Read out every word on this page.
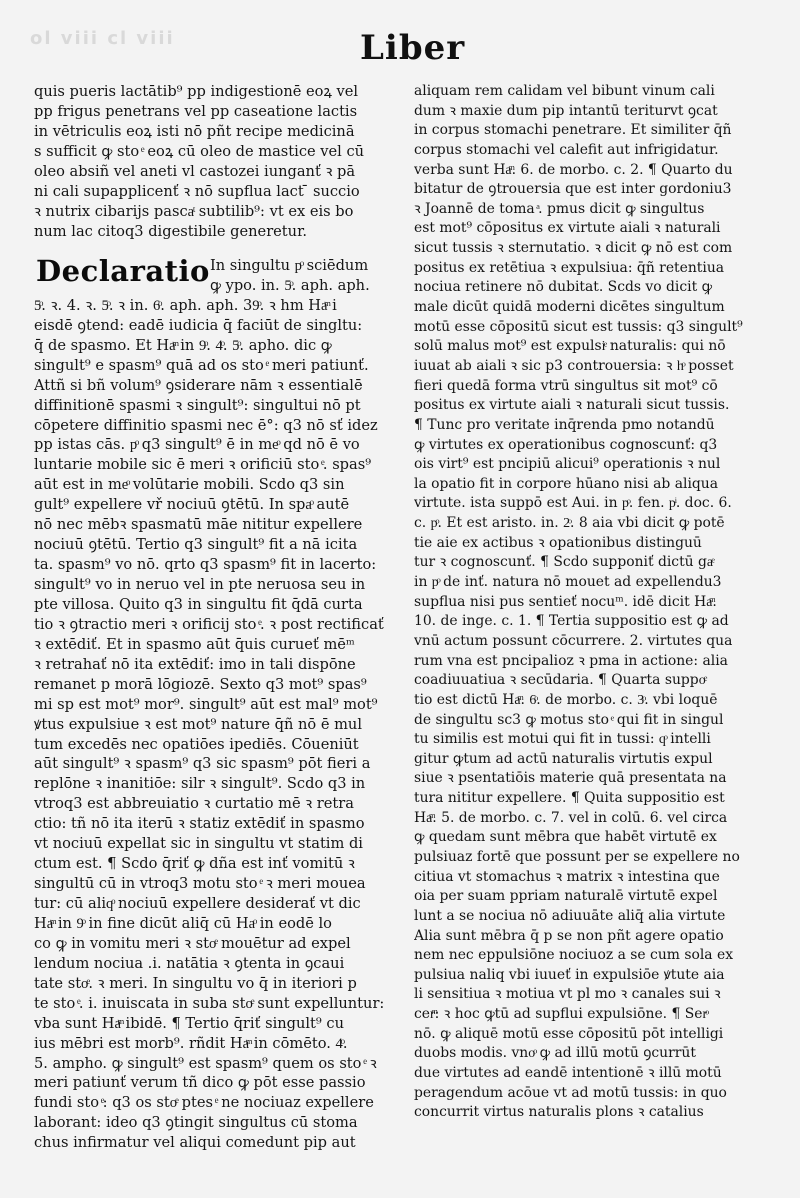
ol viii cl viii	Liber
quis pueris lactātib⁹ pp indigestionē eoꝝ vel
pp frigus penetrans vel pp caseatione lactis
in vētriculis eoꝝ isti nō pñt recipe medicinā
s sufficit ꝙ sto ͤ eoꝝ cū oleo de mastice vel cū
oleo absiñ vel aneti vl castozei iunganť ꝛ pā
ni cali supapplicenť ꝛ nō supflua lact ̄ succio
ꝛ nutrix cibarijs pascaͭ subtilib⁹: vt ex eis bo
num lac citoq3 digestibile generetur.
Declaratio In singultu pͦ sciēdum
ꝙ ypo. in. 5ͦ. aph. aph.
5ͦ. ꝛ. 4. ꝛ. 5ͦ. ꝛ in. 6ͦ. aph. aph. 39ͦ. ꝛ hm Haͫ i
eisdē ꝯtend: eadē iudicia q̄ faciūt de singltu:
q̄ de spasmo. Et Haͫ in 9ͦ. 4ͦ. 5ͦ. apho. dic ꝙ
singult⁹ e spasm⁹ quā ad os sto ͤ meri patiunť.
Attñ si bñ volum⁹ ꝯsiderare nām ꝛ essentialē
diffinitionē spasmi ꝛ singult⁹: singultui nō pt
cōpetere diffinitio spasmi nec ē°: q3 nō sť idez
pp istas cās. pͦ q3 singult⁹ ē in meͦ qd nō ē vo
luntarie mobile sic ē meri ꝛ orificiū sto ͤ. spas⁹
aūt est in meͦ volūtarie mobili. Scdo q3 sin
gult⁹ expellere vř nociuū ꝯtētū. In spaͦ autē
nō nec mēbꝛ spasmatū māe nititur expellere
nociuū ꝯtētū. Tertio q3 singult⁹ fit a nā icita
ta. spasm⁹ vo nō. qrto q3 spasm⁹ fit in lacerto:
singult⁹ vo in neruo vel in pte neruosa seu in
pte villosa. Quito q3 in singultu fit q̄dā curta
tio ꝛ ꝯtractio meri ꝛ orificij sto ͤ. ꝛ post rectificať
ꝛ extēdiť. Et in spasmo aūt q̄uis curueť mēᵐ
ꝛ retrahať nō ita extēdiť: imo in tali dispōne
remanet p morā lōgiozē. Sexto q3 mot⁹ spas⁹
mi sp est mot⁹ mor⁹. singult⁹ aūt est mal⁹ mot⁹
ꝟtus expulsiue ꝛ est mot⁹ nature q̄ñ nō ē mul
tum excedēs nec opatiōes ipediēs. Cōueniūt
aūt singult⁹ ꝛ spasm⁹ q3 sic spasm⁹ pōt fieri a
replōne ꝛ inanitiōe: silr ꝛ singult⁹. Scdo q3 in
vtroq3 est abbreuiatio ꝛ curtatio mē ꝛ retra
ctio: tñ nō ita iterū ꝛ statiz extēdiť in spasmo
vt nociuū expellat sic in singultu vt statim di
ctum est. ¶ Scdo q̄riť ꝙ dña est inť vomitū ꝛ
singultū cū in vtroq3 motu sto ͤ ꝛ meri mouea
tur: cū aliqͦ nociuū expellere desiderať vt dic
Haͫ in 9ͦ in fine dicūt aliq̄ cū Haͦ in eodē lo
co ꝙ in vomitu meri ꝛ stoͤ mouētur ad expel
lendum nociua .i. natātia ꝛ ꝯtenta in ꝯcaui
tate stoͤ. ꝛ meri. In singultu vo q̄ in iteriori p
te sto ͤ. i. inuiscata in suba stoͤ sunt expelluntur:
vba sunt Haͫ ibidē. ¶ Tertio q̄riť singult⁹ cu
ius mēbri est morb⁹. rñdit Haͫ in cōmēto. 4ͦ.
5. ampho. ꝙ singult⁹ est spasm⁹ quem os sto ͤ ꝛ
meri patiunť verum tñ dico ꝙ pōt esse passio
fundi sto ͤ: q3 os stoͤ ptes ͤ ne nociuaz expellere
laborant: ideo q3 ꝯtingit singultus cū stoma
chus infirmatur vel aliqui comedunt pip aut
aliquam rem calidam vel bibunt vinum cali
dum ꝛ maxie dum pip intantū teriturvt ꝯcat
in corpus stomachi penetrare. Et similiter q̄ñ
corpus stomachi vel calefit aut infrigidatur.
verba sunt Haͫ. 6. de morbo. c. 2. ¶ Quarto du
bitatur de ꝯtrouersia que est inter gordoniu3
ꝛ Joannē de toma ͣ. pmus dicit ꝙ singultus
est mot⁹ cōpositus ex virtute aiali ꝛ naturali
sicut tussis ꝛ sternutatio. ꝛ dicit ꝙ nō est com
positus ex retētiua ꝛ expulsiua: q̄ñ retentiua
nociua retinere nō dubitat. Scds vo dicit ꝙ
male dicūt quidā moderni dicētes singultum
motū esse cōpositū sicut est tussis: q3 singult⁹
solū malus mot⁹ est expulsiͤ naturalis: qui nō
iuuat ab aiali ꝛ sic p3 controuersia: ꝛ hͦ posset
fieri quedā forma vtrū singultus sit mot⁹ cō
positus ex virtute aiali ꝛ naturali sicut tussis.
¶ Tunc pro veritate inq̄renda pmo notandū
ꝙ virtutes ex operationibus cognoscunť: q3
ois virt⁹ est pncipiū alicui⁹ operationis ꝛ nul
la opatio fit in corpore hūano nisi ab aliqua
virtute. ista suppō est Aui. in pͦ. fen. pͥ. doc. 6.
c. pͦ. Et est aristo. in. 2ͦ. 8 aia vbi dicit ꝙ potē
tie aie ex actibus ꝛ opationibus distinguū
tur ꝛ cognoscunť. ¶ Scdo supponiť dictū gaͤ
in pͦ de inť. natura nō mouet ad expellendu3
supflua nisi pus sentieť nocuᵐ. idē dicit Haͫ.
10. de inge. c. 1. ¶ Tertia suppositio est ꝙ ad
vnū actum possunt cōcurrere. 2. virtutes qua
rum vna est pncipalioz ꝛ pma in actione: alia
coadiuuatiua ꝛ secūdaria. ¶ Quarta suppoͤ
tio est dictū Haͫ. 6ͦ. de morbo. c. 3ͦ. vbi loquē
de singultu sc3 ꝙ motus sto ͤ qui fit in singul
tu similis est motui qui fit in tussi: qͦ intelli
gitur ꝙtum ad actū naturalis virtutis expul
siue ꝛ psentatiōis materie quā presentata na
tura nititur expellere. ¶ Quita suppositio est
Haͫ. 5. de morbo. c. 7. vel in colū. 6. vel circa
ꝙ quedam sunt mēbra que habēt virtutē ex
pulsiuaz fortē que possunt per se expellere no
citiua vt stomachus ꝛ matrix ꝛ intestina que
oia per suam ppriam naturalē virtutē expel
lunt a se nociua nō adiuuāte aliq̄ alia virtute
Alia sunt mēbra q̄ p se non pñt agere opatio
nem nec eppulsiōne nociuoz a se cum sola ex
pulsiua naliq vbi iuueť in expulsiōe ꝟtute aia
li sensitiua ꝛ motiua vt pl mo ꝛ canales sui ꝛ
cerͫ: ꝛ hoc ꝙtū ad supflui expulsiōne. ¶ Serͦ
nō. ꝙ aliquē motū esse cōpositū pōt intelligi
duobs modis. vnoͦ ꝙ ad illū motū ꝯcurrūt
due virtutes ad eandē intentionē ꝛ illū motū
peragendum acōue vt ad motū tussis: in quo
concurrit virtus naturalis plons ꝛ catalius
